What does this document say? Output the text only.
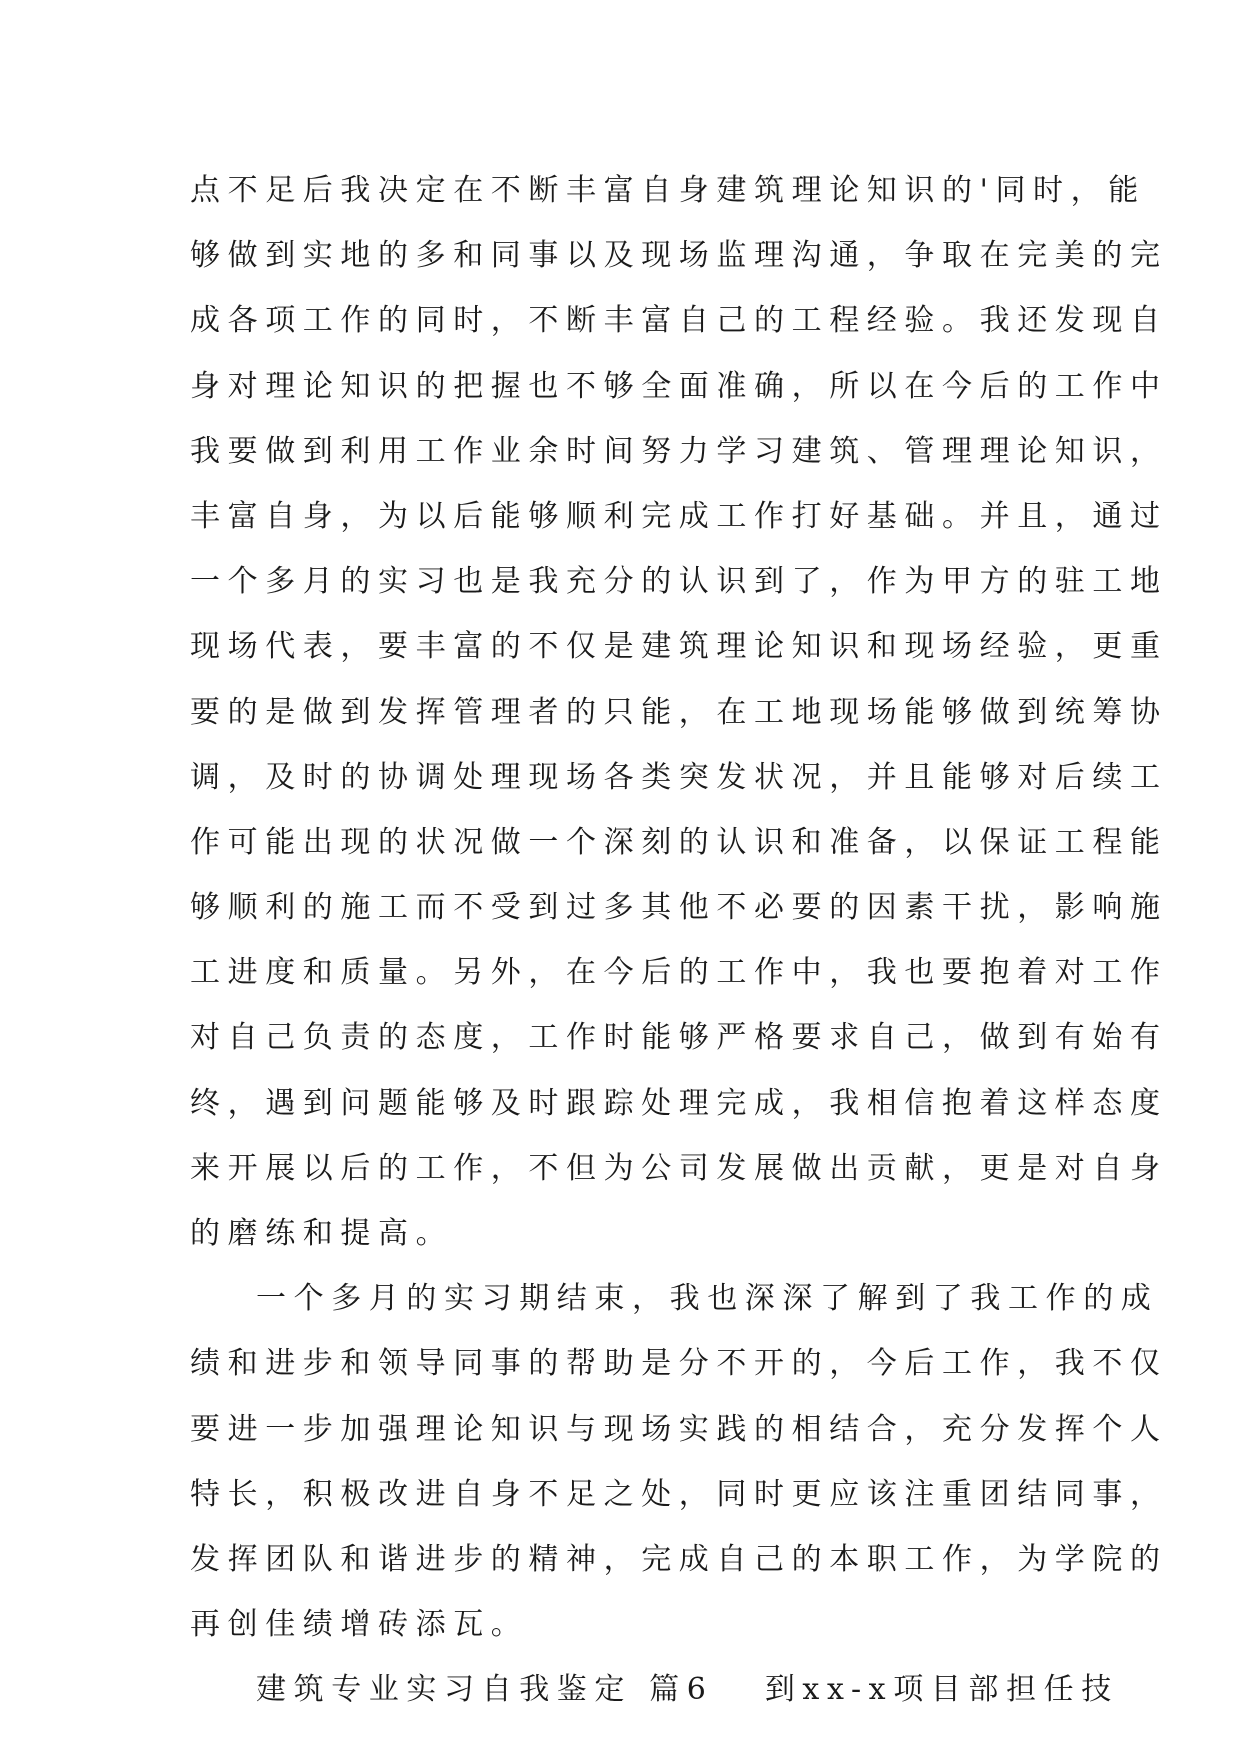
点不足后我决定在不断丰富自身建筑理论知识的'同时，能
够做到实地的多和同事以及现场监理沟通，争取在完美的完
成各项工作的同时，不断丰富自己的工程经验。我还发现自
身对理论知识的把握也不够全面准确，所以在今后的工作中
我要做到利用工作业余时间努力学习建筑、管理理论知识，
丰富自身，为以后能够顺利完成工作打好基础。并且，通过
一个多月的实习也是我充分的认识到了，作为甲方的驻工地
现场代表，要丰富的不仅是建筑理论知识和现场经验，更重
要的是做到发挥管理者的只能，在工地现场能够做到统筹协
调，及时的协调处理现场各类突发状况，并且能够对后续工
作可能出现的状况做一个深刻的认识和准备，以保证工程能
够顺利的施工而不受到过多其他不必要的因素干扰，影响施
工进度和质量。另外，在今后的工作中，我也要抱着对工作
对自己负责的态度，工作时能够严格要求自己，做到有始有
终，遇到问题能够及时跟踪处理完成，我相信抱着这样态度
来开展以后的工作，不但为公司发展做出贡献，更是对自身
的磨练和提高。
一个多月的实习期结束，我也深深了解到了我工作的成
绩和进步和领导同事的帮助是分不开的，今后工作，我不仅
要进一步加强理论知识与现场实践的相结合，充分发挥个人
特长，积极改进自身不足之处，同时更应该注重团结同事，
发挥团队和谐进步的精神，完成自己的本职工作，为学院的
再创佳绩增砖添瓦。
建筑专业实习自我鉴定 篇6   到xx-x项目部担任技
